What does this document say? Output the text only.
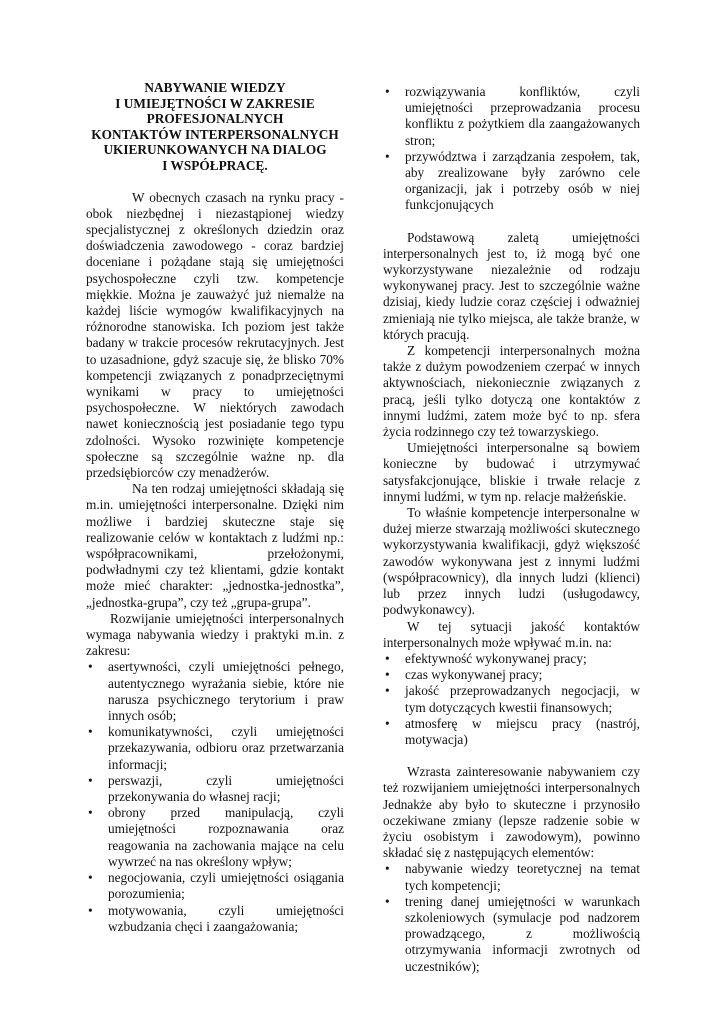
NABYWANIE WIEDZY
I UMIEJĘTNOŚCI W ZAKRESIE
PROFESJONALNYCH
KONTAKTÓW INTERPERSONALNYCH
UKIERUNKOWANYCH NA DIALOG
I WSPÓŁPRACĘ.

W obecnych czasach na rynku pracy - obok niezbędnej i niezastąpionej wiedzy specjalistycznej z określonych dziedzin oraz doświadczenia zawodowego - coraz bardziej doceniane i pożądane stają się umiejętności psychospołeczne czyli tzw. kompetencje miękkie. Można je zauważyć już niemalże na każdej liście wymogów kwalifikacyjnych na różnorodne stanowiska. Ich poziom jest także badany w trakcie procesów rekrutacyjnych. Jest to uzasadnione, gdyż szacuje się, że blisko 70% kompetencji związanych z ponadprzeciętnymi wynikami w pracy to umiejętności psychospołeczne. W niektórych zawodach nawet koniecznością jest posiadanie tego typu zdolności. Wysoko rozwinięte kompetencje społeczne są szczególnie ważne np. dla przedsiębiorców czy menadżerów.

Na ten rodzaj umiejętności składają się m.in. umiejętności interpersonalne. Dzięki nim możliwe i bardziej skuteczne staje się realizowanie celów w kontaktach z ludźmi np.: współpracownikami, przełożonymi, podwładnymi czy też klientami, gdzie kontakt może mieć charakter: „jednostka-jednostka”, „jednostka-grupa”, czy też „grupa-grupa”.

Rozwijanie umiejętności interpersonalnych wymaga nabywania wiedzy i praktyki m.in. z zakresu:

• asertywności, czyli umiejętności pełnego, autentycznego wyrażania siebie, które nie narusza psychicznego terytorium i praw innych osób;
• komunikatywności, czyli umiejętności przekazywania, odbioru oraz przetwarzania informacji;
• perswazji, czyli umiejętności przekonywania do własnej racji;
• obrony przed manipulacją, czyli umiejętności rozpoznawania oraz reagowania na zachowania mające na celu wywrzeć na nas określony wpływ;
• negocjowania, czyli umiejętności osiągania porozumienia;
• motywowania, czyli umiejętności wzbudzania chęci i zaangażowania;
• rozwiązywania konfliktów, czyli umiejętności przeprowadzania procesu konfliktu z pożytkiem dla zaangażowanych stron;
• przywództwa i zarządzania zespołem, tak, aby zrealizowane były zarówno cele organizacji, jak i potrzeby osób w niej funkcjonujących

Podstawową zaletą umiejętności interpersonalnych jest to, iż mogą być one wykorzystywane niezależnie od rodzaju wykonywanej pracy. Jest to szczególnie ważne dzisiaj, kiedy ludzie coraz częściej i odważniej zmieniają nie tylko miejsca, ale także branże, w których pracują.

Z kompetencji interpersonalnych można także z dużym powodzeniem czerpać w innych aktywnościach, niekoniecznie związanych z pracą, jeśli tylko dotyczą one kontaktów z innymi ludźmi, zatem może być to np. sfera życia rodzinnego czy też towarzyskiego.

Umiejętności interpersonalne są bowiem konieczne by budować i utrzymywać satysfakcjonujące, bliskie i trwałe relacje z innymi ludźmi, w tym np. relacje małżeńskie.

To właśnie kompetencje interpersonalne w dużej mierze stwarzają możliwości skutecznego wykorzystywania kwalifikacji, gdyż większość zawodów wykonywana jest z innymi ludźmi (współpracownicy), dla innych ludzi (klienci) lub przez innych ludzi (usługodawcy, podwykonawcy).

W tej sytuacji jakość kontaktów interpersonalnych może wpływać m.in. na:

• efektywność wykonywanej pracy;
• czas wykonywanej pracy;
• jakość przeprowadzanych negocjacji, w tym dotyczących kwestii finansowych;
• atmosferę w miejscu pracy (nastrój, motywacja)

Wzrasta zainteresowanie nabywaniem czy też rozwijaniem umiejętności interpersonalnych Jednakże aby było to skuteczne i przynosiło oczekiwane zmiany (lepsze radzenie sobie w życiu osobistym i zawodowym), powinno składać się z następujących elementów:

• nabywanie wiedzy teoretycznej na temat tych kompetencji;
• trening danej umiejętności w warunkach szkoleniowych (symulacje pod nadzorem prowadzącego, z możliwością otrzymywania informacji zwrotnych od uczestników);
